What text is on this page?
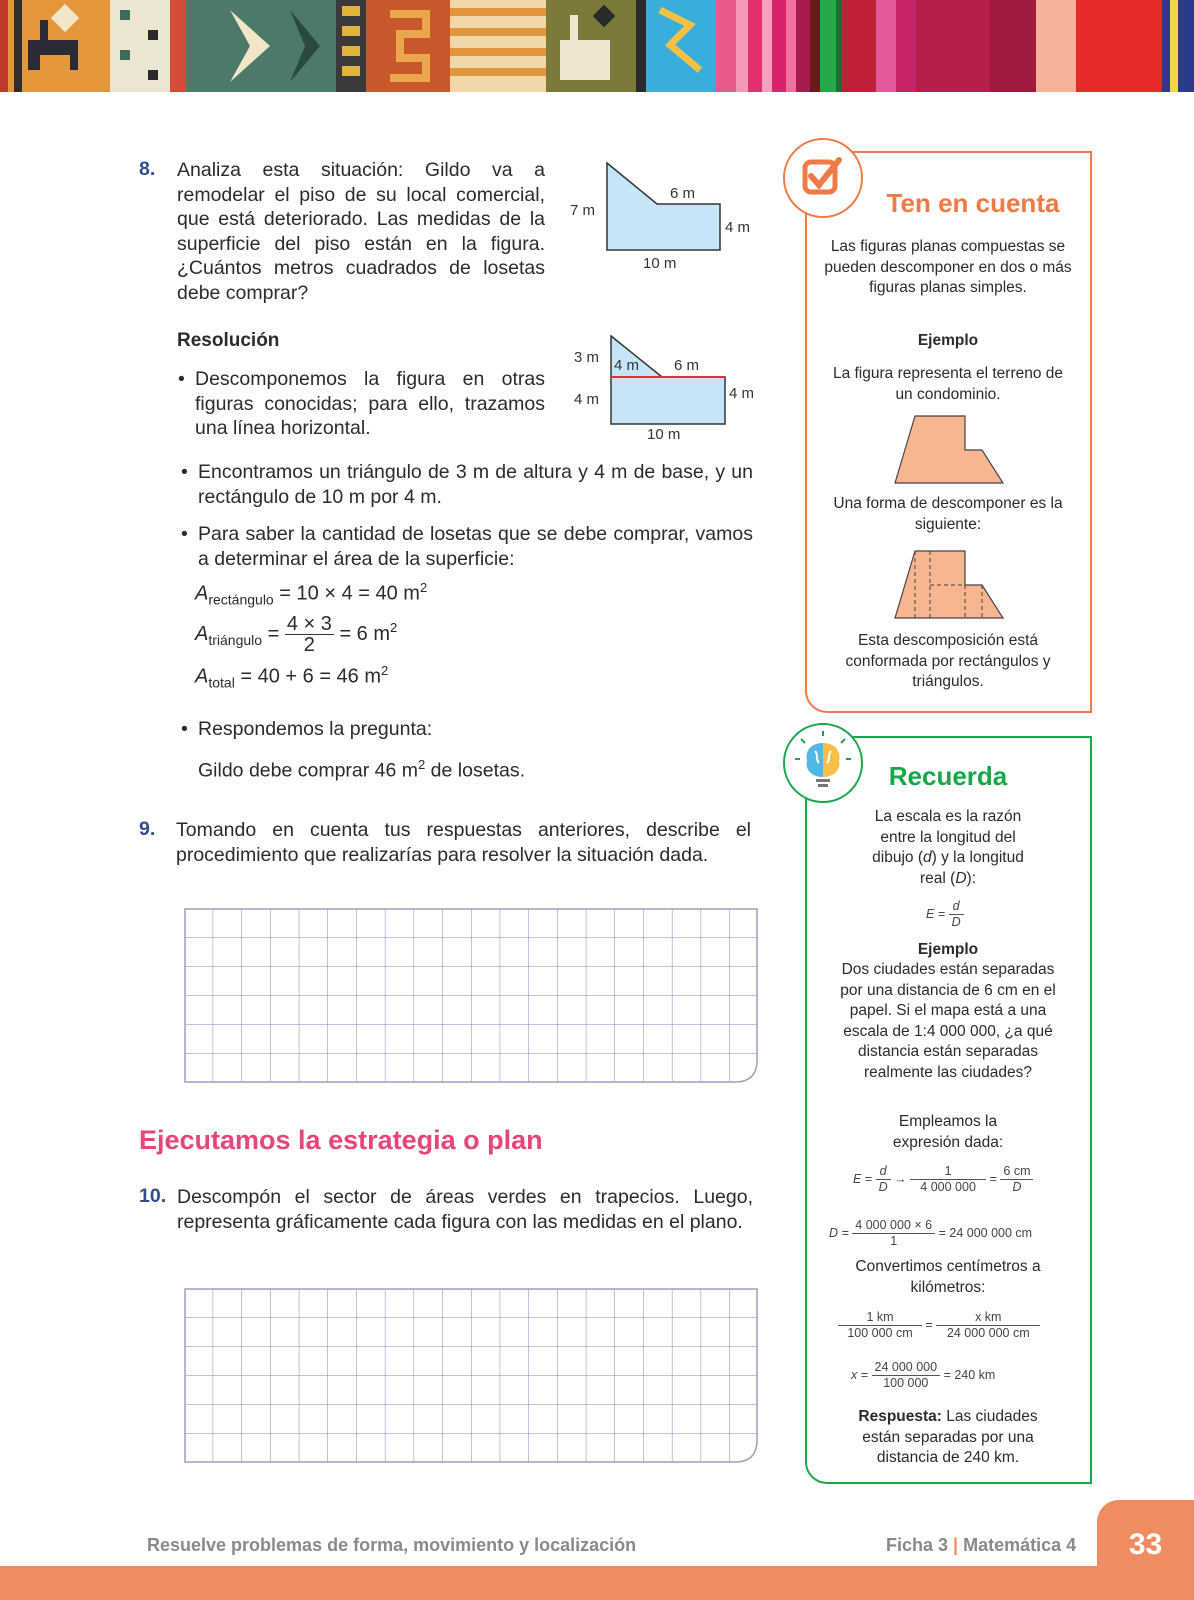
8. Analiza esta situación: Gildo va a remodelar el piso de su local comercial, que está deteriorado. Las medidas de la superficie del piso están en la figura. ¿Cuántos metros cuadrados de losetas debe comprar?
6 m
7 m
4 m
10 m
Resolución
• Descomponemos la figura en otras figuras conocidas; para ello, trazamos una línea horizontal.
3 m 4 m 6 m
4 m	4 m
10 m
• Encontramos un triángulo de 3 m de altura y 4 m de base, y un rectángulo de 10 m por 4 m.
• Para saber la cantidad de losetas que se debe comprar, vamos a determinar el área de la superficie:
$A_{rectángulo} = 10 \times 4 = 40$ $m^2$
$A_{triángulo} = \frac{4 \times 3}{2} = 6$ $m^2$
$A_{total} = 40 + 6 = 46$ $m^2$
• Respondemos la pregunta:
Gildo debe comprar 46 $m^2$ de losetas.
9. Tomando en cuenta tus respuestas anteriores, describe el procedimiento que realizarías para resolver la situación dada.
Ejecutamos la estrategia o plan
10. Descompón el sector de áreas verdes en trapecios. Luego, representa gráficamente cada figura con las medidas en el plano.
Ten en cuenta
Las figuras planas compuestas se pueden descomponer en dos o más figuras planas simples.
Ejemplo
La figura representa el terreno de un condominio.
Una forma de descomponer es la siguiente:
Esta descomposición está conformada por rectángulos y triángulos.
Recuerda
La escala es la razón entre la longitud del dibujo (d) y la longitud real (D):
$E = \frac{d}{D}$
Ejemplo
Dos ciudades están separadas por una distancia de 6 cm en el papel. Si el mapa está a una escala de 1:4 000 000, ¿a qué distancia están separadas realmente las ciudades?
Empleamos la expresión dada:
$E = \frac{d}{D} \to \frac{1}{4 000 000} = \frac{6 cm}{D}$
$D = \frac{4 000 000 \times 6}{1} = 24$ 000 000 cm
Convertimos centímetros a kilómetros:
$\frac{1 km}{100 000 cm} = \frac{\text{x km}}{24 000 000 cm}$
$x = \frac{24 000 000}{100 000} = 240$ km
Respuesta: Las ciudades están separadas por una distancia de 240 km.
33
Resuelve problemas de forma, movimiento y localización	Ficha 3 | Matemática 4
